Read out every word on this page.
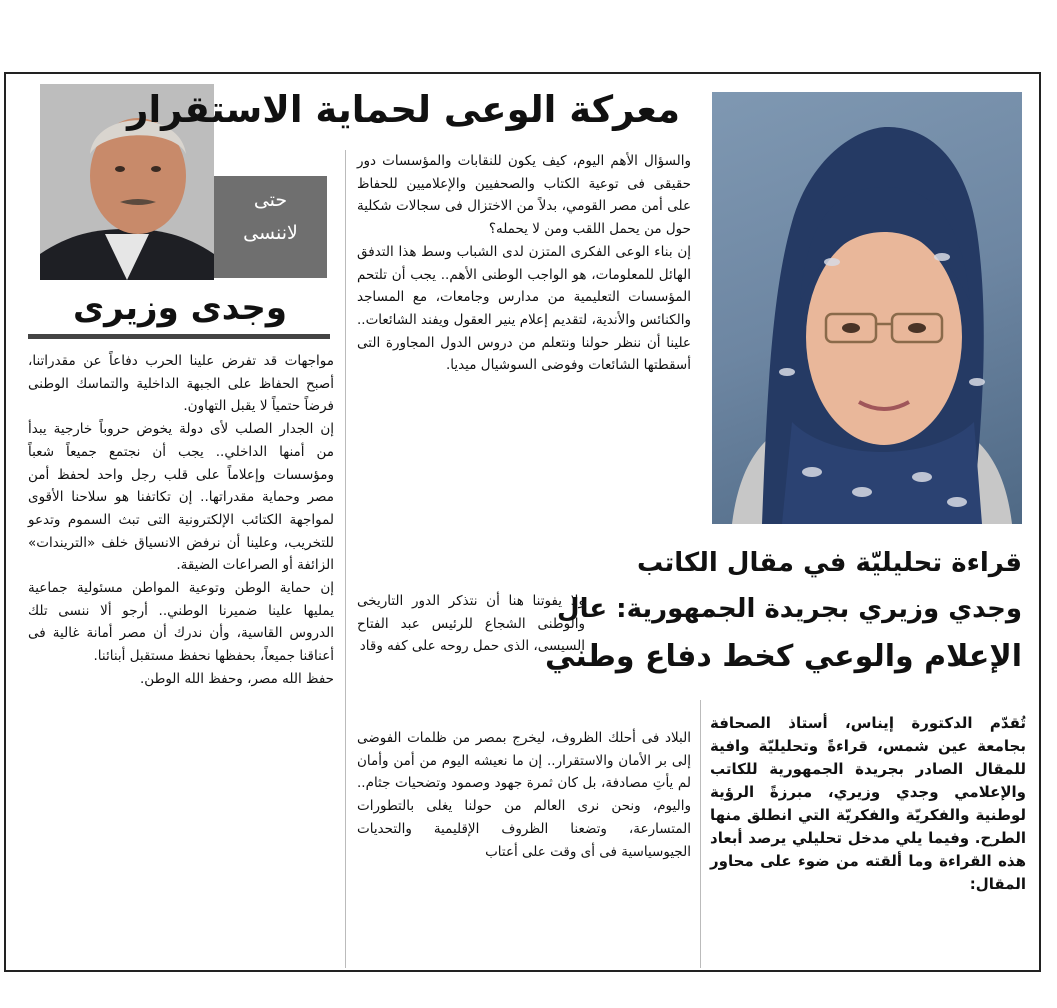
حتى
لاننسى
وجدى وزيرى
معركة الوعى لحماية الاستقرار

والسؤال الأهم اليوم، كيف يكون للنقابات والمؤسسات دور حقيقى فى توعية الكتاب والصحفيين والإعلاميين للحفاظ على أمن مصر القومي، بدلاً من الاختزال فى سجالات شكلية حول من يحمل اللقب ومن لا يحمله؟

إن بناء الوعى الفكرى المتزن لدى الشباب وسط هذا التدفق الهائل للمعلومات، هو الواجب الوطنى الأهم.. يجب أن تلتحم المؤسسات التعليمية من مدارس وجامعات، مع المساجد والكنائس والأندية، لتقديم إعلام ينير العقول ويفند الشائعات.. علينا أن ننظر حولنا ونتعلم من دروس الدول المجاورة التى أسقطتها الشائعات وفوضى السوشيال ميديا.

ولا يفوتنا هنا أن نتذكر الدور التاريخى والوطنى الشجاع للرئيس عبد الفتاح السيسى، الذى حمل روحه على كفه وقاد

البلاد فى أحلك الظروف، ليخرج بمصر من ظلمات الفوضى إلى بر الأمان والاستقرار.. إن ما نعيشه اليوم من أمن وأمان لم يأتِ مصادفة، بل كان ثمرة جهود وصمود وتضحيات جثام.. واليوم، ونحن نرى العالم من حولنا يغلى بالتطورات المتسارعة، وتضعنا الظروف الإقليمية والتحديات الجيوسياسية فى أى وقت على أعتاب

مواجهات قد تفرض علينا الحرب دفاعاً عن مقدراتنا، أصبح الحفاظ على الجبهة الداخلية والتماسك الوطنى فرضاً حتمياً لا يقبل التهاون.

إن الجدار الصلب لأى دولة يخوض حروباً خارجية يبدأ من أمنها الداخلي.. يجب أن نجتمع جميعاً شعباً ومؤسسات وإعلاماً على قلب رجل واحد لحفظ أمن مصر وحماية مقدراتها.. إن تكاتفنا هو سلاحنا الأقوى لمواجهة الكتائب الإلكترونية التى تبث السموم وتدعو للتخريب، وعلينا أن نرفض الانسياق خلف «التريندات» الزائفة أو الصراعات الضيقة.

إن حماية الوطن وتوعية المواطن مسئولية جماعية يمليها علينا ضميرنا الوطني.. أرجو ألا ننسى تلك الدروس القاسية، وأن ندرك أن مصر أمانة غالية فى أعناقنا جميعاً، بحفظها نحفظ مستقبل أبنائنا.

حفظ الله مصر، وحفظ الله الوطن.

قراءة تحليليّة في مقال الكاتب
وجدي وزيري بجريدة الجمهورية: عال
الإعلام والوعي كخط دفاع وطني
تُقدّم الدكتورة إيناس، أستاذ الصحافة بجامعة عين شمس، قراءةً وتحليليّة وافية للمقال الصادر بجريدة الجمهورية للكاتب والإعلامي وجدي وزيري، مبرزةً الرؤية لوطنية والفكريّة والفكريّة التي انطلق منها الطرح. وفيما يلي مدخل تحليلي يرصد أبعاد هذه القراءة وما ألقته من ضوء على محاور المقال:
